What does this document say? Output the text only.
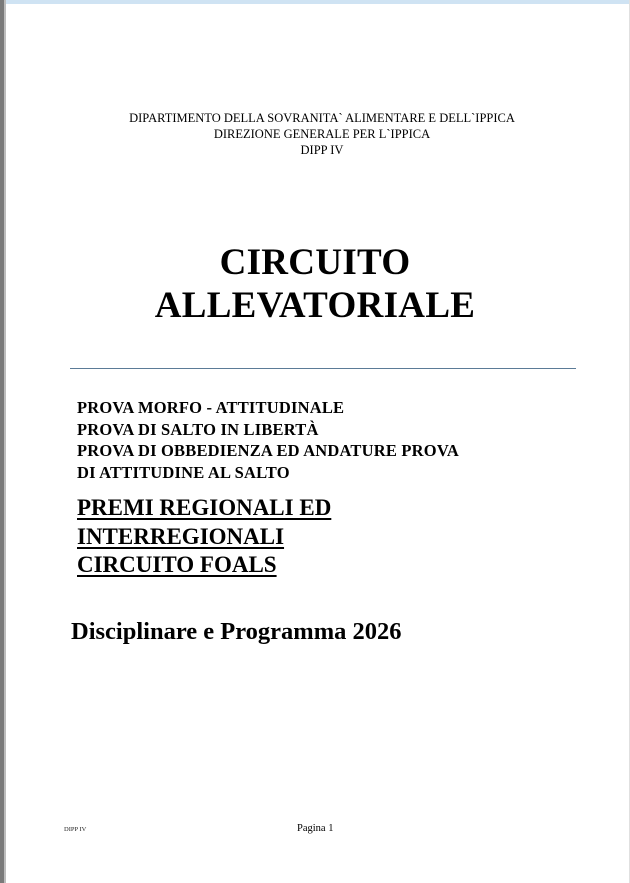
DIPARTIMENTO DELLA SOVRANITA` ALIMENTARE E DELL`IPPICA
DIREZIONE GENERALE PER L`IPPICA
DIPP IV
CIRCUITO
ALLEVATORIALE
PROVA MORFO - ATTITUDINALE
PROVA DI SALTO IN LIBERTÀ
PROVA DI OBBEDIENZA ED ANDATURE PROVA
DI ATTITUDINE AL SALTO
PREMI REGIONALI ED
INTERREGIONALI
CIRCUITO FOALS
Disciplinare e Programma 2026
DIPP IV	Pagina 1
